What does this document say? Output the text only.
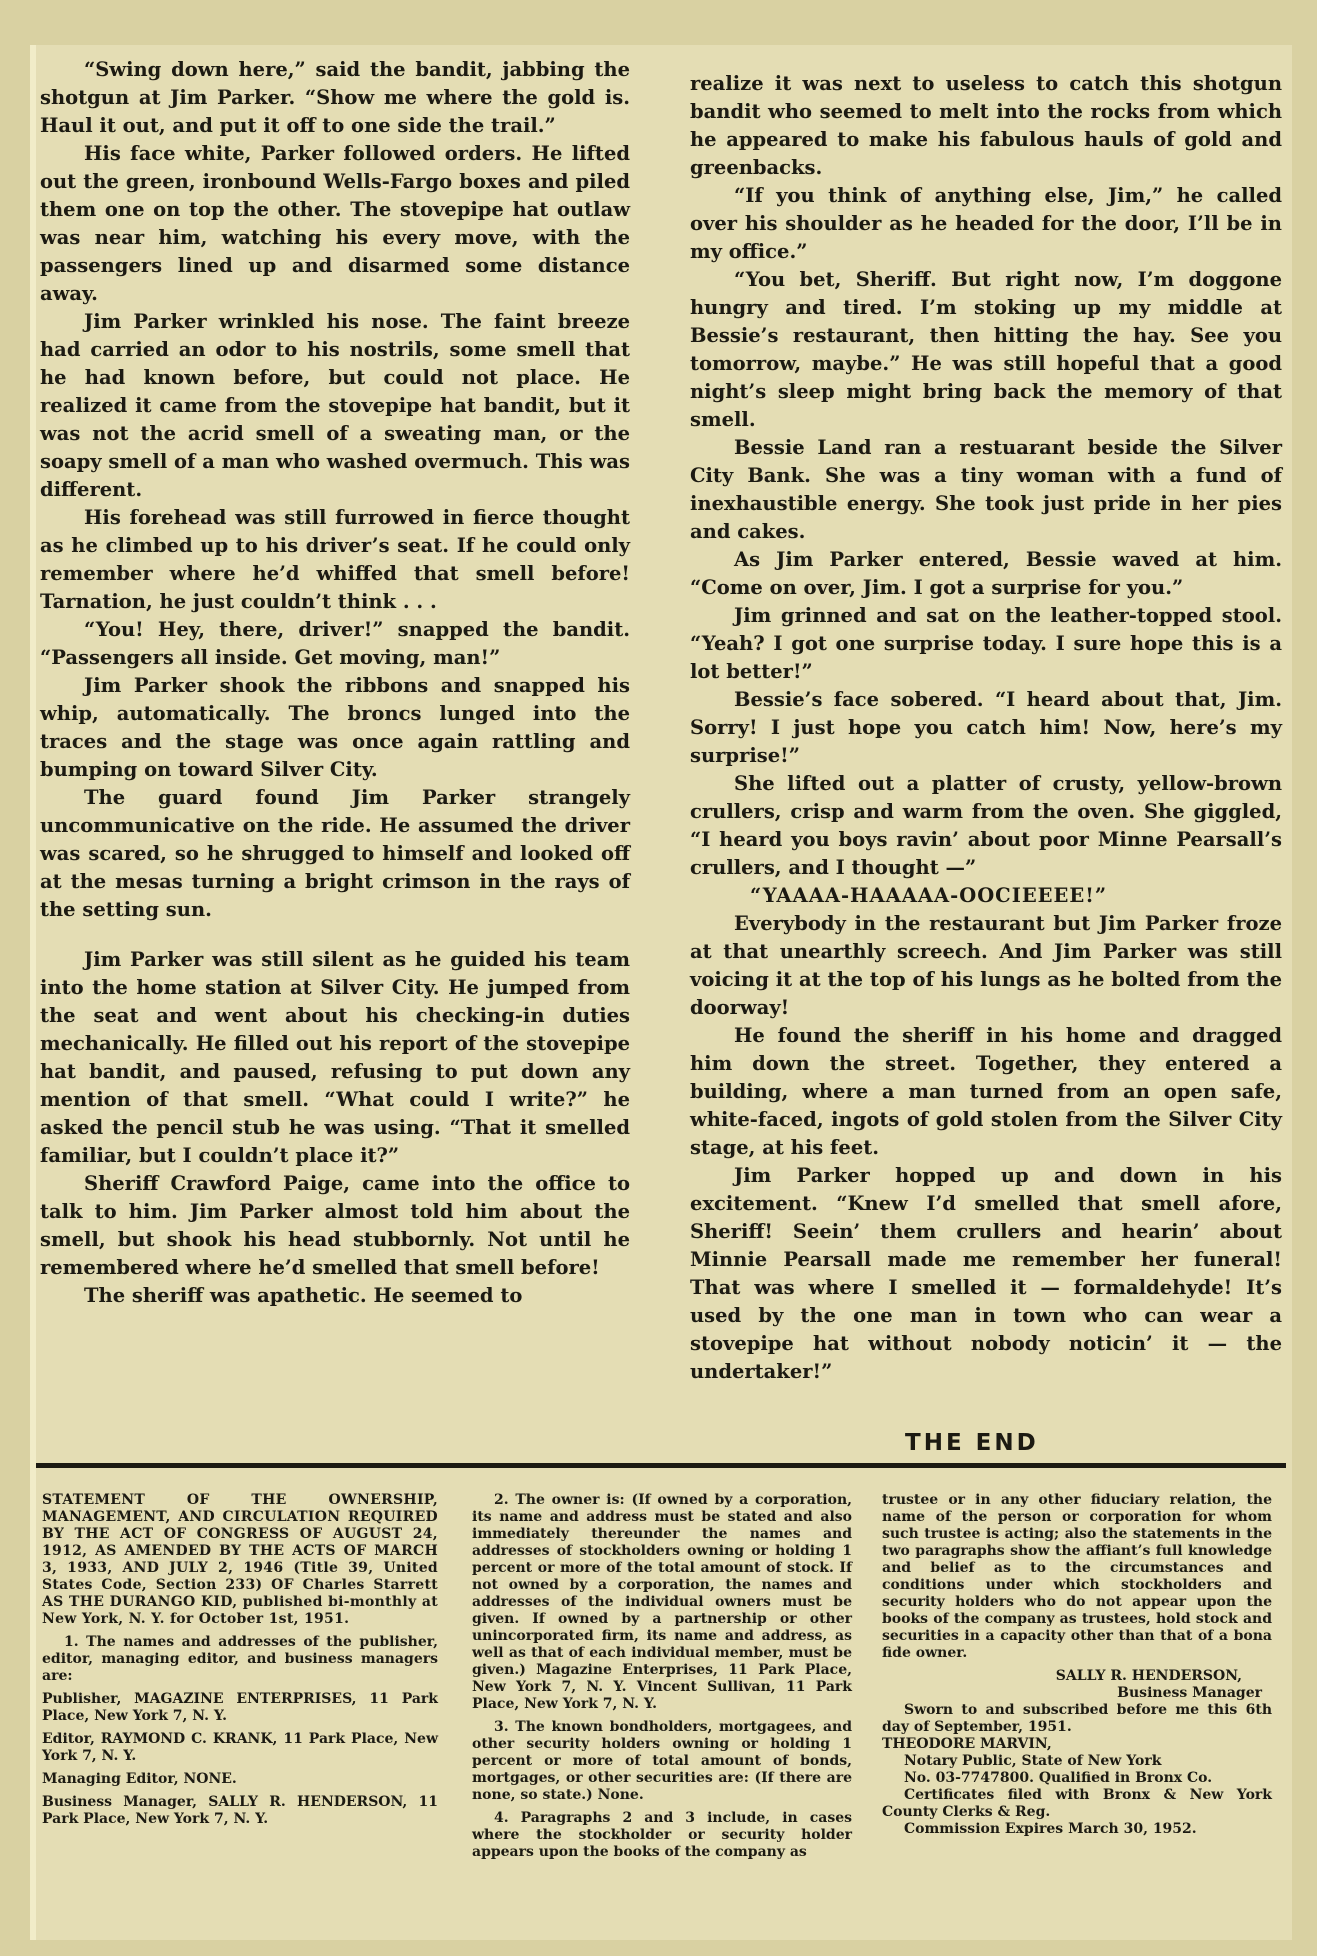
“Swing down here,” said the bandit, jabbing the shotgun at Jim Parker. “Show me where the gold is. Haul it out, and put it off to one side the trail.”

His face white, Parker followed orders. He lifted out the green, ironbound Wells-Fargo boxes and piled them one on top the other. The stovepipe hat outlaw was near him, watching his every move, with the passengers lined up and disarmed some distance away.

Jim Parker wrinkled his nose. The faint breeze had carried an odor to his nostrils, some smell that he had known before, but could not place. He realized it came from the stovepipe hat bandit, but it was not the acrid smell of a sweating man, or the soapy smell of a man who washed overmuch. This was different.

His forehead was still furrowed in fierce thought as he climbed up to his driver’s seat. If he could only remember where he’d whiffed that smell before! Tarnation, he just couldn’t think . . .

“You! Hey, there, driver!” snapped the bandit. “Passengers all inside. Get moving, man!”

Jim Parker shook the ribbons and snapped his whip, automatically. The broncs lunged into the traces and the stage was once again rattling and bumping on toward Silver City.

The guard found Jim Parker strangely uncommunicative on the ride. He assumed the driver was scared, so he shrugged to himself and looked off at the mesas turning a bright crimson in the rays of the setting sun.

Jim Parker was still silent as he guided his team into the home station at Silver City. He jumped from the seat and went about his checking-in duties mechanically. He filled out his report of the stovepipe hat bandit, and paused, refusing to put down any mention of that smell. “What could I write?” he asked the pencil stub he was using. “That it smelled familiar, but I couldn’t place it?”

Sheriff Crawford Paige, came into the office to talk to him. Jim Parker almost told him about the smell, but shook his head stubbornly. Not until he remembered where he’d smelled that smell before!

The sheriff was apathetic. He seemed to

realize it was next to useless to catch this shotgun bandit who seemed to melt into the rocks from which he appeared to make his fabulous hauls of gold and greenbacks.

“If you think of anything else, Jim,” he called over his shoulder as he headed for the door, I’ll be in my office.”

“You bet, Sheriff. But right now, I’m doggone hungry and tired. I’m stoking up my middle at Bessie’s restaurant, then hitting the hay. See you tomorrow, maybe.” He was still hopeful that a good night’s sleep might bring back the memory of that smell.

Bessie Land ran a restuarant beside the Silver City Bank. She was a tiny woman with a fund of inexhaustible energy. She took just pride in her pies and cakes.

As Jim Parker entered, Bessie waved at him. “Come on over, Jim. I got a surprise for you.”

Jim grinned and sat on the leather-topped stool. “Yeah? I got one surprise today. I sure hope this is a lot better!”

Bessie’s face sobered. “I heard about that, Jim. Sorry! I just hope you catch him! Now, here’s my surprise!”

She lifted out a platter of crusty, yellow-brown crullers, crisp and warm from the oven. She giggled, “I heard you boys ravin’ about poor Minne Pearsall’s crullers, and I thought —”

“YAAAA-HAAAAA-OOCIEEEE!”

Everybody in the restaurant but Jim Parker froze at that unearthly screech. And Jim Parker was still voicing it at the top of his lungs as he bolted from the doorway!

He found the sheriff in his home and dragged him down the street. Together, they entered a building, where a man turned from an open safe, white-faced, ingots of gold stolen from the Silver City stage, at his feet.

Jim Parker hopped up and down in his excitement. “Knew I’d smelled that smell afore, Sheriff! Seein’ them crullers and hearin’ about Minnie Pearsall made me remember her funeral! That was where I smelled it — formaldehyde! It’s used by the one man in town who can wear a stovepipe hat without nobody noticin’ it — the undertaker!”

THE END

STATEMENT OF THE OWNERSHIP, MANAGEMENT, AND CIRCULATION REQUIRED BY THE ACT OF CONGRESS OF AUGUST 24, 1912, AS AMENDED BY THE ACTS OF MARCH 3, 1933, AND JULY 2, 1946 (Title 39, United States Code, Section 233) OF Charles Starrett AS THE DURANGO KID, published bi-monthly at New York, N. Y. for October 1st, 1951.

1. The names and addresses of the publisher, editor, managing editor, and business managers are:

Publisher, MAGAZINE ENTERPRISES, 11 Park Place, New York 7, N. Y.

Editor, RAYMOND C. KRANK, 11 Park Place, New York 7, N. Y.

Managing Editor, NONE.

Business Manager, SALLY R. HENDERSON, 11 Park Place, New York 7, N. Y.

2. The owner is: (If owned by a corporation, its name and address must be stated and also immediately thereunder the names and addresses of stockholders owning or holding 1 percent or more of the total amount of stock. If not owned by a corporation, the names and addresses of the individual owners must be given. If owned by a partnership or other unincorporated firm, its name and address, as well as that of each individual member, must be given.) Magazine Enterprises, 11 Park Place, New York 7, N. Y. Vincent Sullivan, 11 Park Place, New York 7, N. Y.

3. The known bondholders, mortgagees, and other security holders owning or holding 1 percent or more of total amount of bonds, mortgages, or other securities are: (If there are none, so state.) None.

4. Paragraphs 2 and 3 include, in cases where the stockholder or security holder appears upon the books of the company as

trustee or in any other fiduciary relation, the name of the person or corporation for whom such trustee is acting; also the statements in the two paragraphs show the affiant’s full knowledge and belief as to the circumstances and conditions under which stockholders and security holders who do not appear upon the books of the company as trustees, hold stock and securities in a capacity other than that of a bona fide owner.

SALLY R. HENDERSON,

Business Manager

Sworn to and subscribed before me this 6th day of September, 1951.

THEODORE MARVIN,

Notary Public, State of New York

No. 03-7747800. Qualified in Bronx Co.

Certificates filed with Bronx & New York County Clerks & Reg.

Commission Expires March 30, 1952.
